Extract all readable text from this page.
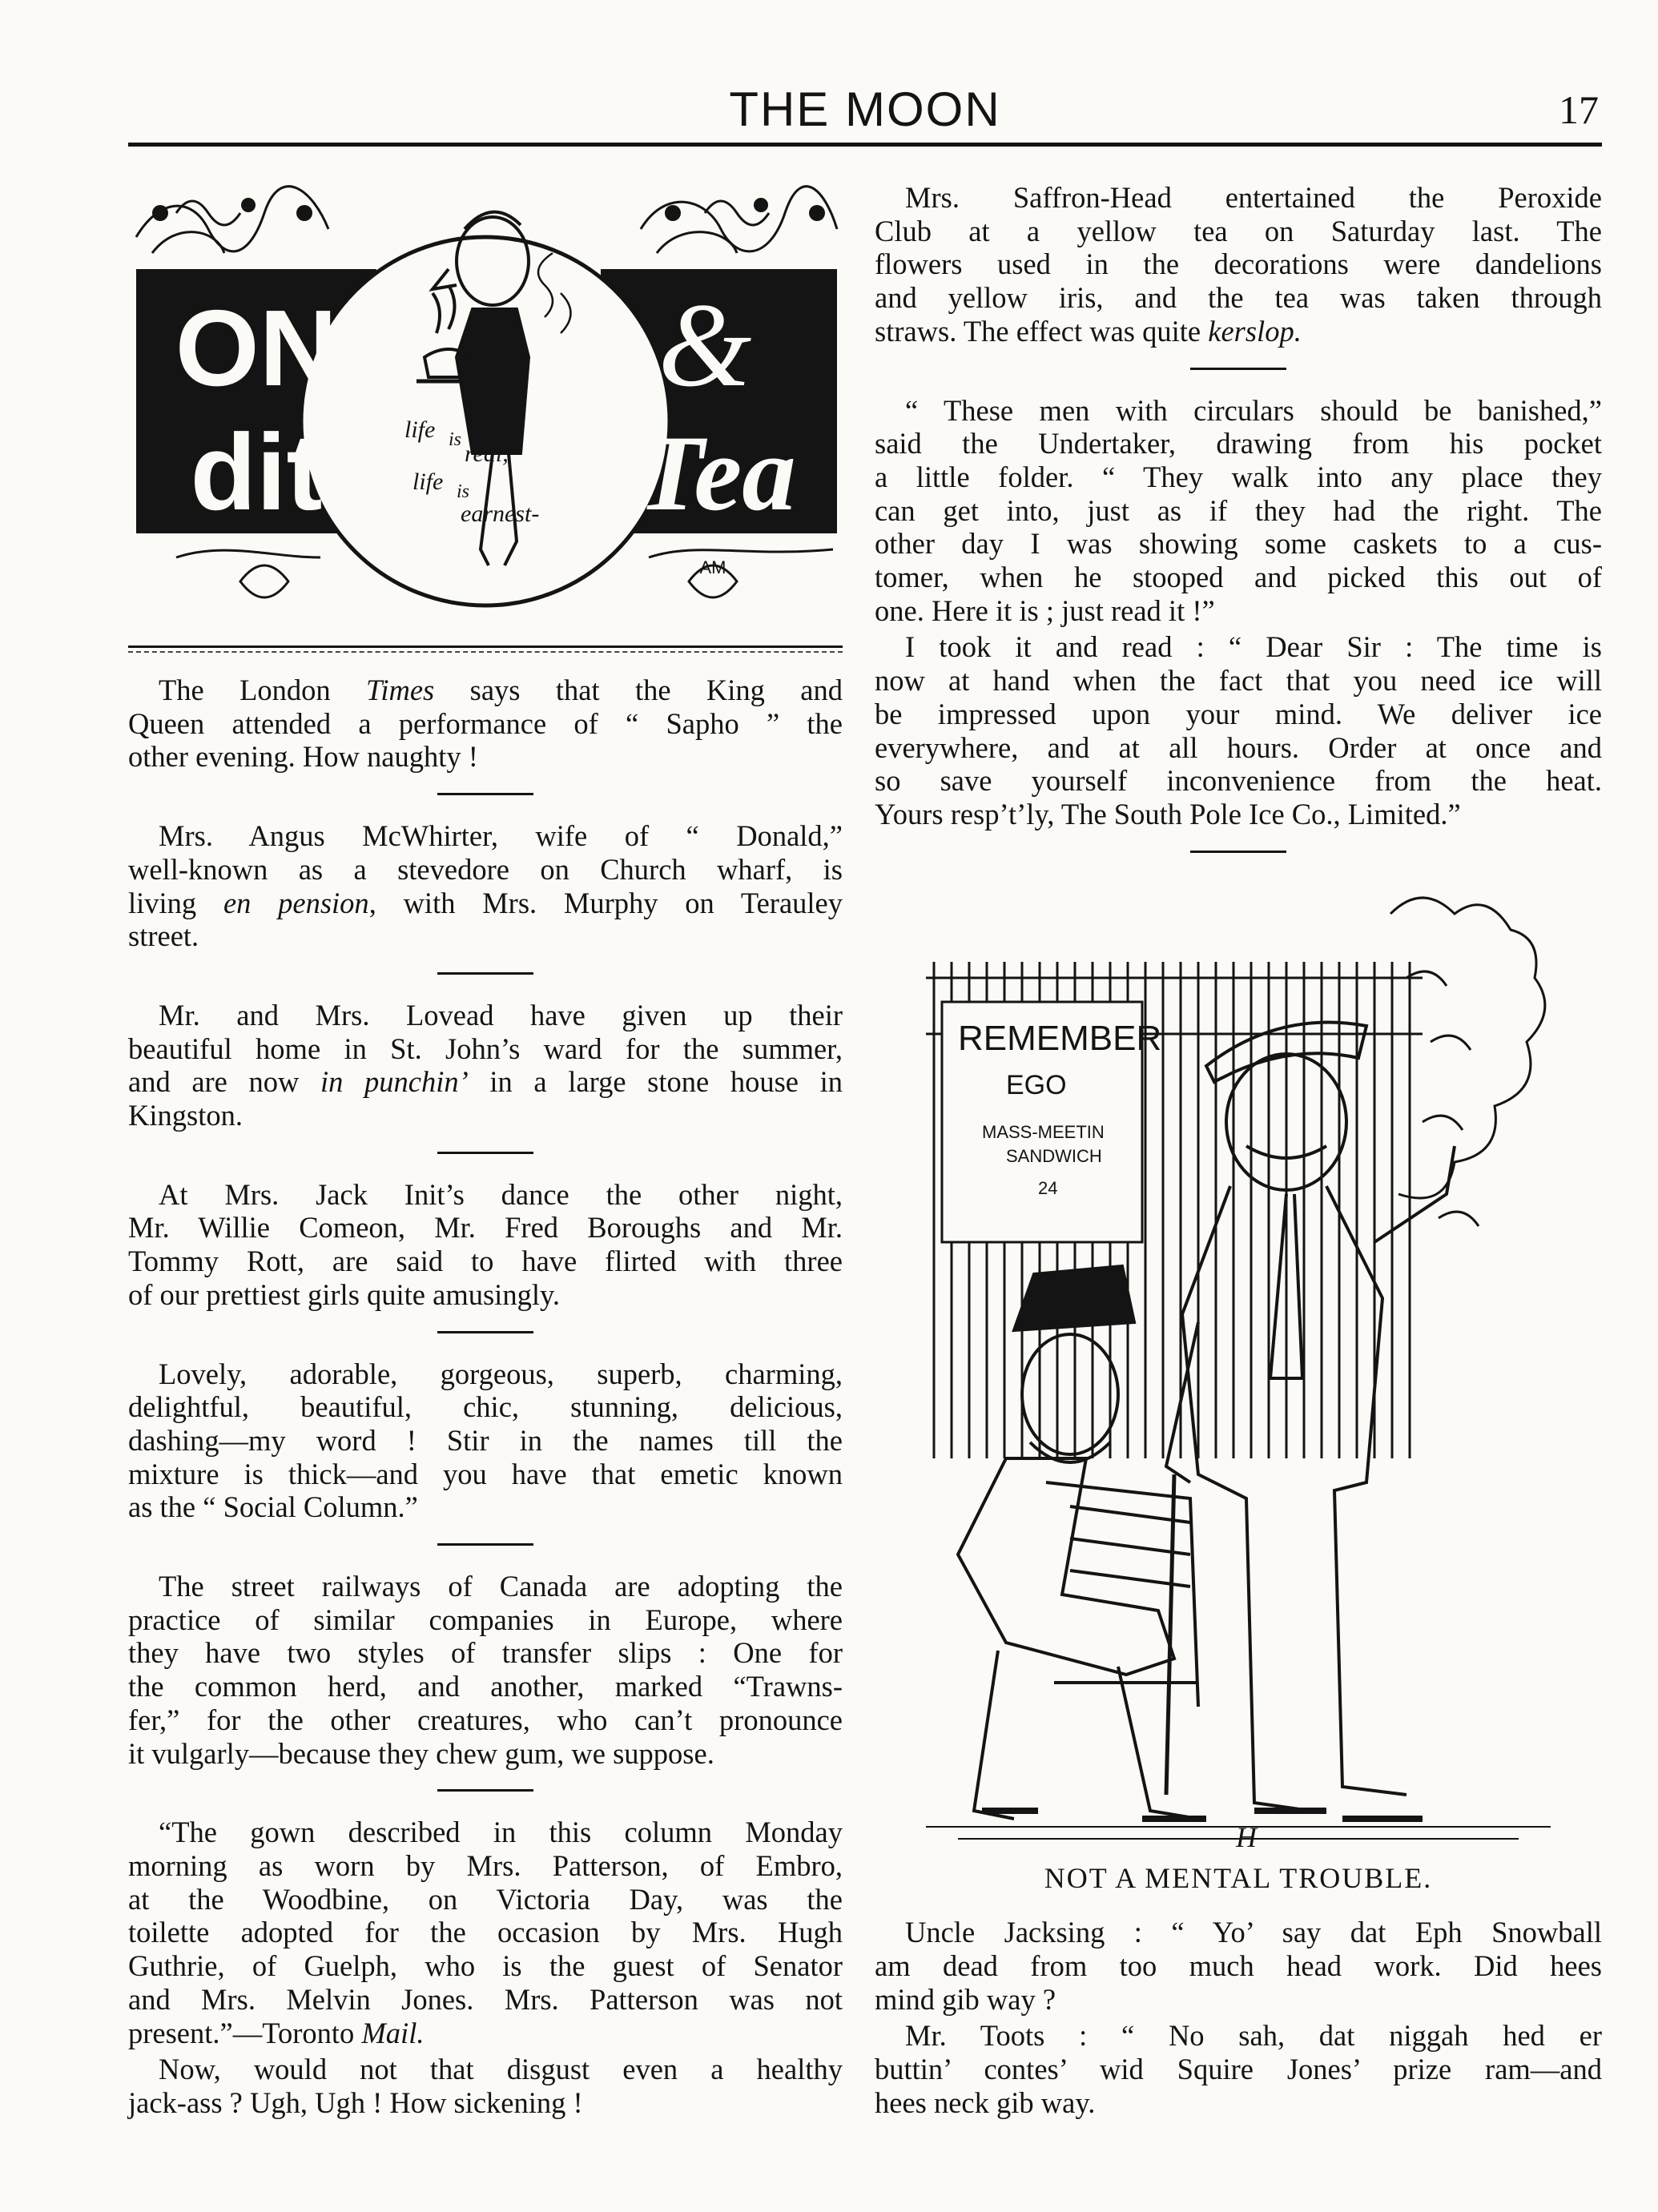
THE MOON	17
ON
dit
&
Tea
life is
real,
life is
earnest-
AM

The London Times says that the King and
Queen attended a performance of “ Sapho ” the
other evening. How naughty !

Mrs. Angus McWhirter, wife of “ Donald,”
well-known as a stevedore on Church wharf, is
living en pension, with Mrs. Murphy on Terauley
street.

Mr. and Mrs. Lovead have given up their
beautiful home in St. John’s ward for the summer,
and are now in punchin’ in a large stone house in
Kingston.

At Mrs. Jack Init’s dance the other night,
Mr. Willie Comeon, Mr. Fred Boroughs and Mr.
Tommy Rott, are said to have flirted with three
of our prettiest girls quite amusingly.

Lovely, adorable, gorgeous, superb, charming,
delightful, beautiful, chic, stunning, delicious,
dashing—my word ! Stir in the names till the
mixture is thick—and you have that emetic known
as the “ Social Column.”

The street railways of Canada are adopting the
practice of similar companies in Europe, where
they have two styles of transfer slips : One for
the common herd, and another, marked “Trawns-
fer,” for the other creatures, who can’t pronounce
it vulgarly—because they chew gum, we suppose.

“The gown described in this column Monday
morning as worn by Mrs. Patterson, of Embro,
at the Woodbine, on Victoria Day, was the
toilette adopted for the occasion by Mrs. Hugh
Guthrie, of Guelph, who is the guest of Senator
and Mrs. Melvin Jones. Mrs. Patterson was not
present.”—Toronto Mail.

Now, would not that disgust even a healthy
jack-ass ? Ugh, Ugh ! How sickening !

Mrs. Saffron-Head entertained the Peroxide
Club at a yellow tea on Saturday last. The
flowers used in the decorations were dandelions
and yellow iris, and the tea was taken through
straws. The effect was quite kerslop.

“ These men with circulars should be banished,”
said the Undertaker, drawing from his pocket
a little folder. “ They walk into any place they
can get into, just as if they had the right. The
other day I was showing some caskets to a cus-
tomer, when he stooped and picked this out of
one. Here it is ; just read it !”

I took it and read : “ Dear Sir : The time is
now at hand when the fact that you need ice will
be impressed upon your mind. We deliver ice
everywhere, and at all hours. Order at once and
so save yourself inconvenience from the heat.
Yours resp’t’ly, The South Pole Ice Co., Limited.”

REMEMBER
EGO
MASS-MEETIN
SANDWICH
24
H
NOT A MENTAL TROUBLE.

Uncle Jacksing : “ Yo’ say dat Eph Snowball
am dead from too much head work. Did hees
mind gib way ?

Mr. Toots : “ No sah, dat niggah hed er
buttin’ contes’ wid Squire Jones’ prize ram—and
hees neck gib way.
